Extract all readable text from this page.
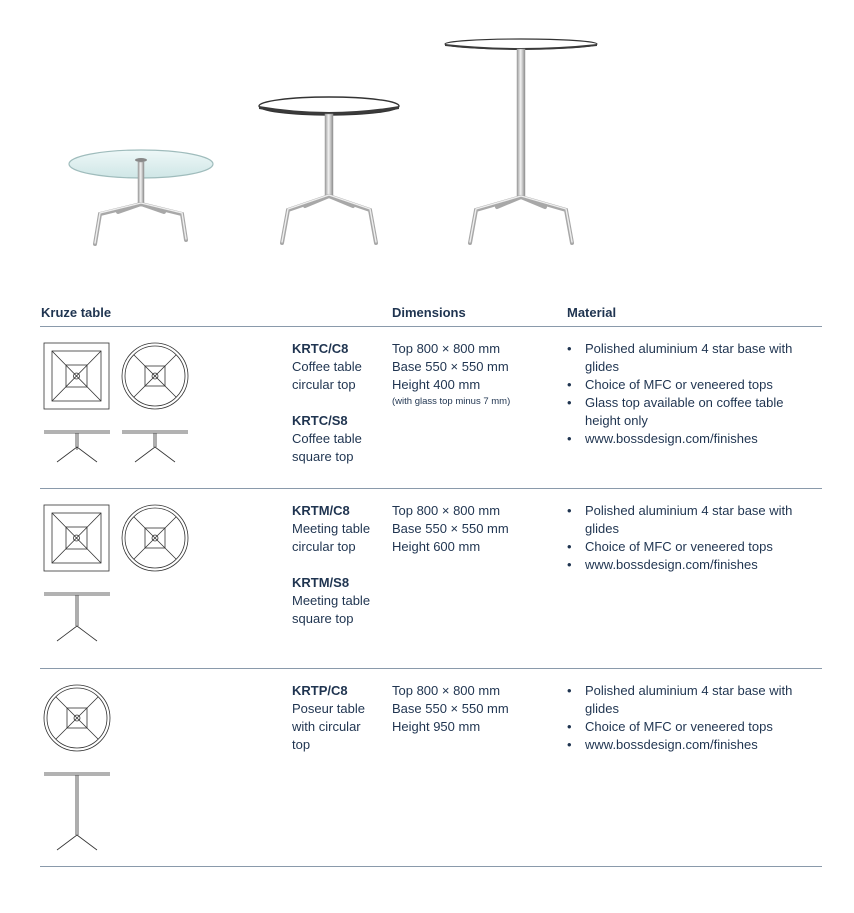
Kruze table	Dimensions	Material
KRTC/C8
Coffee table
circular top
KRTC/S8
Coffee table
square top
Top 800 × 800 mm
Base 550 × 550 mm
Height 400 mm
(with glass top minus 7 mm)
• Polished aluminium 4 star base with glides
• Choice of MFC or veneered tops
• Glass top available on coffee table height only
• www.bossdesign.com/finishes
KRTM/C8
Meeting table
circular top
KRTM/S8
Meeting table
square top
Top 800 × 800 mm
Base 550 × 550 mm
Height 600 mm
• Polished aluminium 4 star base with glides
• Choice of MFC or veneered tops
• www.bossdesign.com/finishes
KRTP/C8
Poseur table
with circular
top
Top 800 × 800 mm
Base 550 × 550 mm
Height 950 mm
• Polished aluminium 4 star base with glides
• Choice of MFC or veneered tops
• www.bossdesign.com/finishes
